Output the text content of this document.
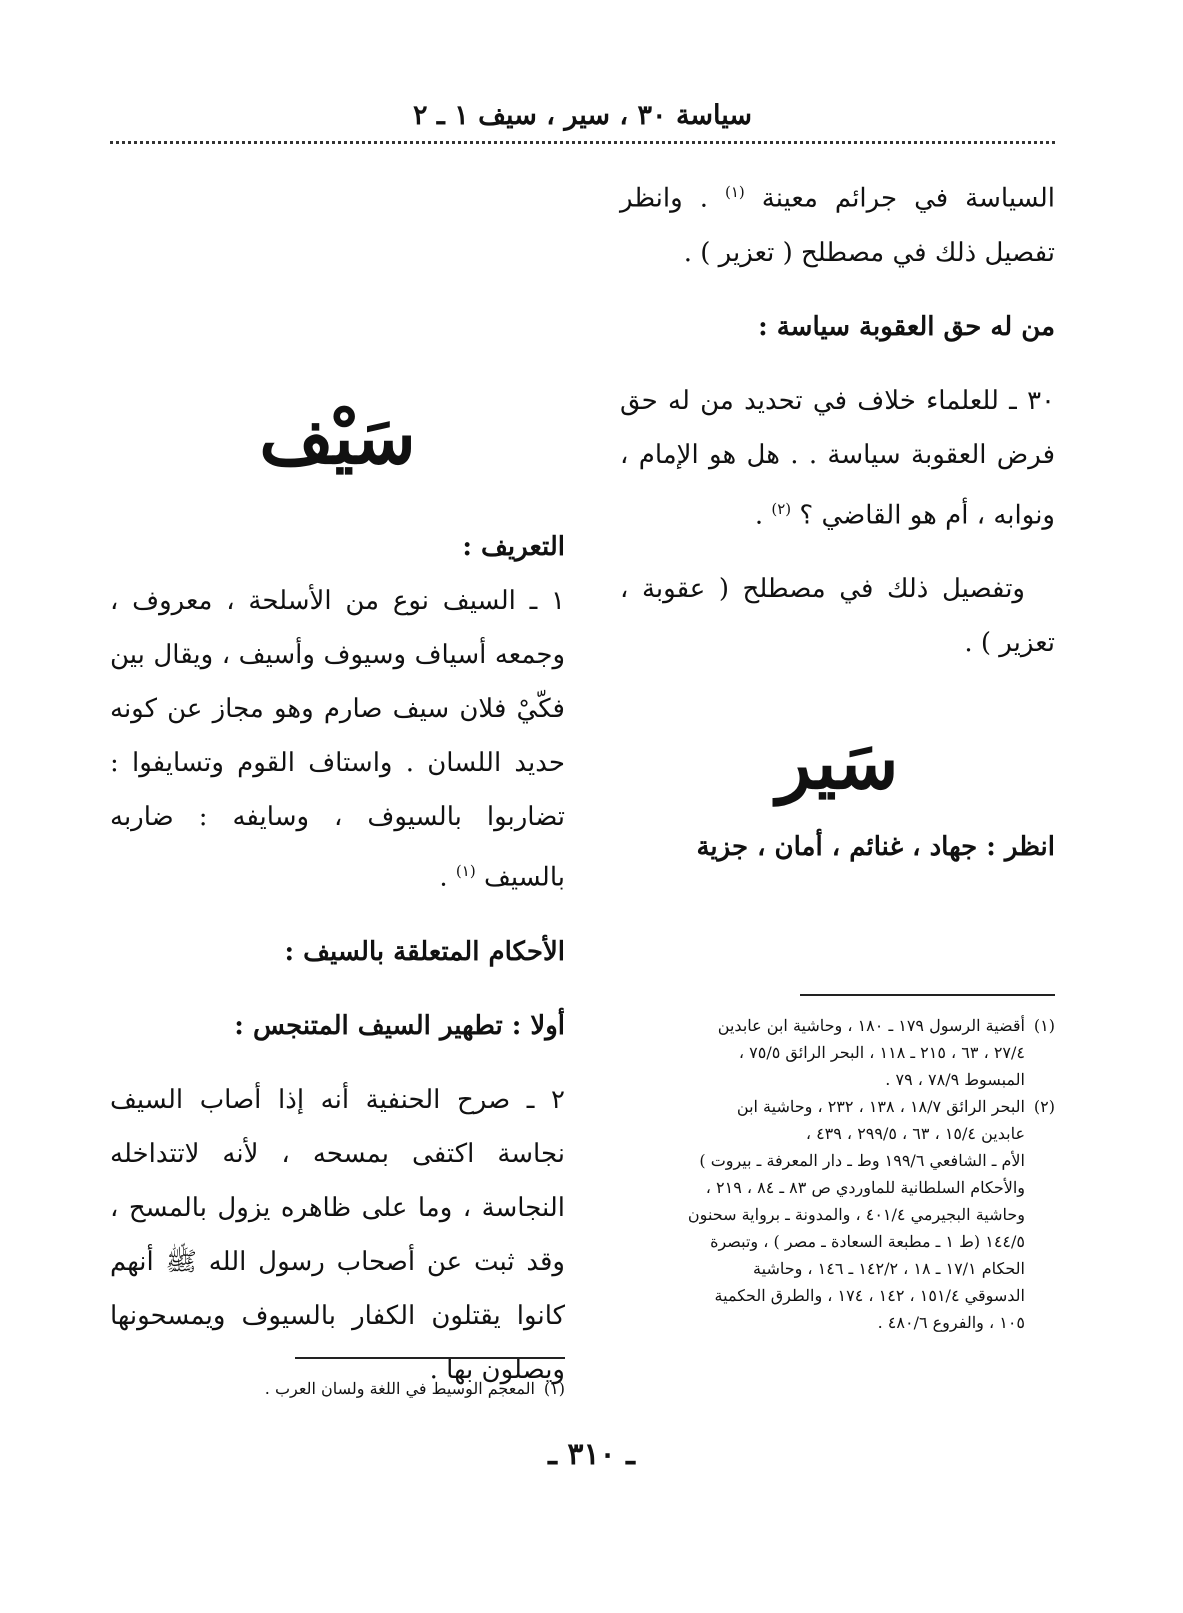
سياسة ٣٠ ، سير ، سيف ١ ـ ٢

السياسة في جرائم معينة $^{(١)}$ . وانظر تفصيل ذلك في مصطلح ( تعزير ) .

من له حق العقوبة سياسة :

٣٠ ـ للعلماء خلاف في تحديد من له حق فرض العقوبة سياسة . . هل هو الإمام ، ونوابه ، أم هو القاضي ؟ $^{(٢)}$ .

وتفصيل ذلك في مصطلح ( عقوبة ، تعزير ) .

سَير

انظر : جهاد ، غنائم ، أمان ، جزية

(١)أقضية الرسول ١٧٩ ـ ١٨٠ ، وحاشية ابن عابدين
٢٧/٤ ، ٦٣ ، ٢١٥ ـ ١١٨ ، البحر الرائق ٧٥/٥ ،
المبسوط ٧٨/٩ ، ٧٩ .
(٢)البحر الرائق ١٨/٧ ، ١٣٨ ، ٢٣٢ ، وحاشية ابن
عابدين ١٥/٤ ، ٦٣ ، ٢٩٩/٥ ، ٤٣٩ ،
الأم ـ الشافعي ١٩٩/٦ وط ـ دار المعرفة ـ بيروت )
والأحكام السلطانية للماوردي ص ٨٣ ـ ٨٤ ، ٢١٩ ،
وحاشية البجيرمي ٤٠١/٤ ، والمدونة ـ برواية سحنون
١٤٤/٥ (ط ١ ـ مطبعة السعادة ـ مصر ) ، وتبصرة
الحكام ١٧/١ ـ ١٨ ، ١٤٢/٢ ـ ١٤٦ ، وحاشية
الدسوقي ١٥١/٤ ، ١٤٢ ، ١٧٤ ، والطرق الحكمية
١٠٥ ، والفروع ٤٨٠/٦ .
سَيْف

التعريف :

١ ـ السيف نوع من الأسلحة ، معروف ، وجمعه أسياف وسيوف وأسيف ، ويقال بين فكّيْ فلان سيف صارم وهو مجاز عن كونه حديد اللسان . واستاف القوم وتسايفوا : تضاربوا بالسيوف ، وسايفه : ضاربه بالسيف $^{(١)}$ .

الأحكام المتعلقة بالسيف :

أولا : تطهير السيف المتنجس :

٢ ـ صرح الحنفية أنه إذا أصاب السيف نجاسة اكتفى بمسحه ، لأنه لاتتداخله النجاسة ، وما على ظاهره يزول بالمسح ، وقد ثبت عن أصحاب رسول الله ﷺ أنهم كانوا يقتلون الكفار بالسيوف ويمسحونها ويصلون بها .

(١)المعجم الوسيط في اللغة ولسان العرب .
ـ ٣١٠ ـ
